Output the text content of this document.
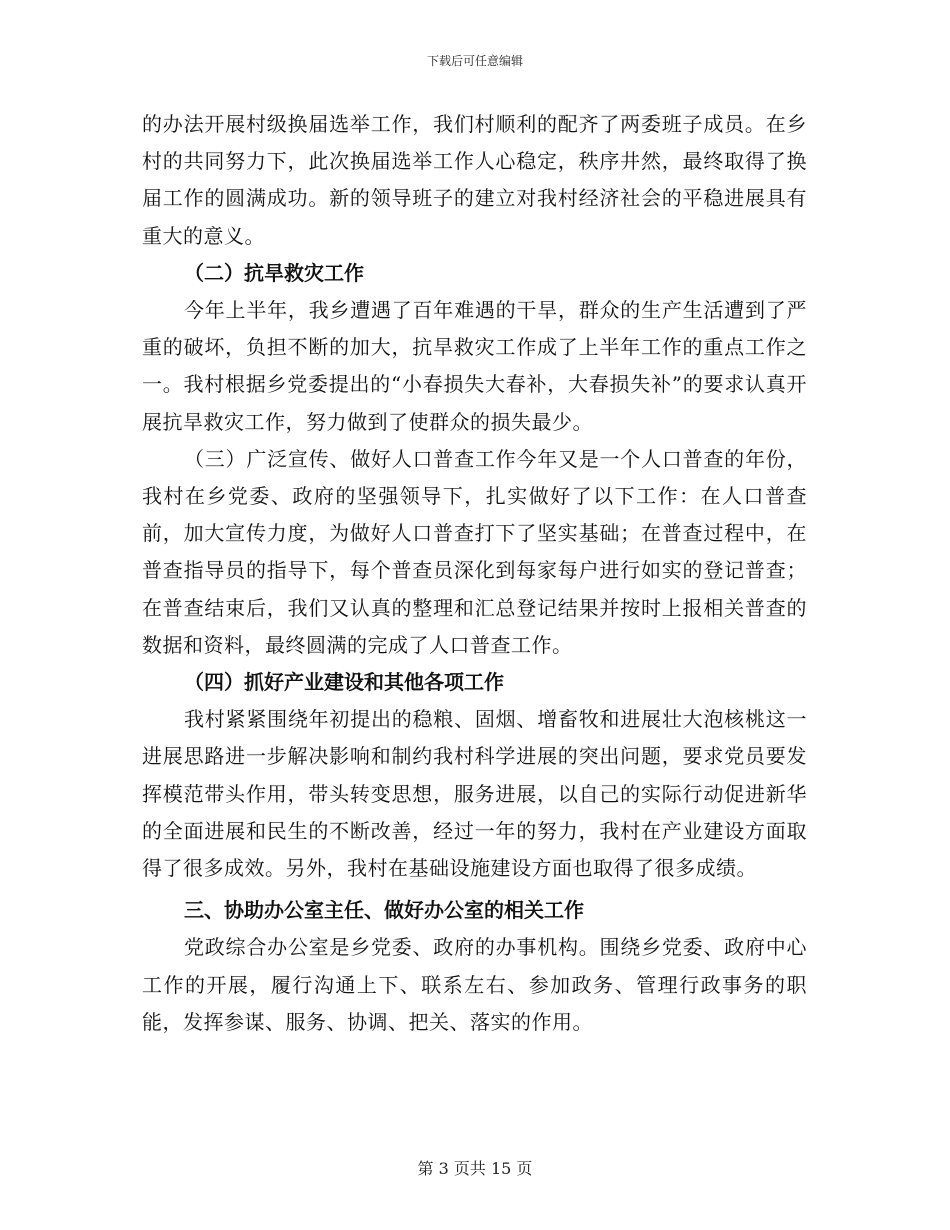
下载后可任意编辑

的办法开展村级换届选举工作，我们村顺利的配齐了两委班子成员。在乡村的共同努力下，此次换届选举工作人心稳定，秩序井然，最终取得了换届工作的圆满成功。新的领导班子的建立对我村经济社会的平稳进展具有重大的意义。

（二）抗旱救灾工作

今年上半年，我乡遭遇了百年难遇的干旱，群众的生产生活遭到了严重的破坏，负担不断的加大，抗旱救灾工作成了上半年工作的重点工作之一。我村根据乡党委提出的“小春损失大春补，大春损失补”的要求认真开展抗旱救灾工作，努力做到了使群众的损失最少。

（三）广泛宣传、做好人口普查工作今年又是一个人口普查的年份，我村在乡党委、政府的坚强领导下，扎实做好了以下工作：在人口普查前，加大宣传力度，为做好人口普查打下了坚实基础；在普查过程中，在普查指导员的指导下，每个普查员深化到每家每户进行如实的登记普查；在普查结束后，我们又认真的整理和汇总登记结果并按时上报相关普查的数据和资料，最终圆满的完成了人口普查工作。

（四）抓好产业建设和其他各项工作

我村紧紧围绕年初提出的稳粮、固烟、增畜牧和进展壮大泡核桃这一进展思路进一步解决影响和制约我村科学进展的突出问题，要求党员要发挥模范带头作用，带头转变思想，服务进展，以自己的实际行动促进新华的全面进展和民生的不断改善，经过一年的努力，我村在产业建设方面取得了很多成效。另外，我村在基础设施建设方面也取得了很多成绩。

三、协助办公室主任、做好办公室的相关工作

党政综合办公室是乡党委、政府的办事机构。围绕乡党委、政府中心工作的开展，履行沟通上下、联系左右、参加政务、管理行政事务的职能，发挥参谋、服务、协调、把关、落实的作用。

第 3 页共 15 页
